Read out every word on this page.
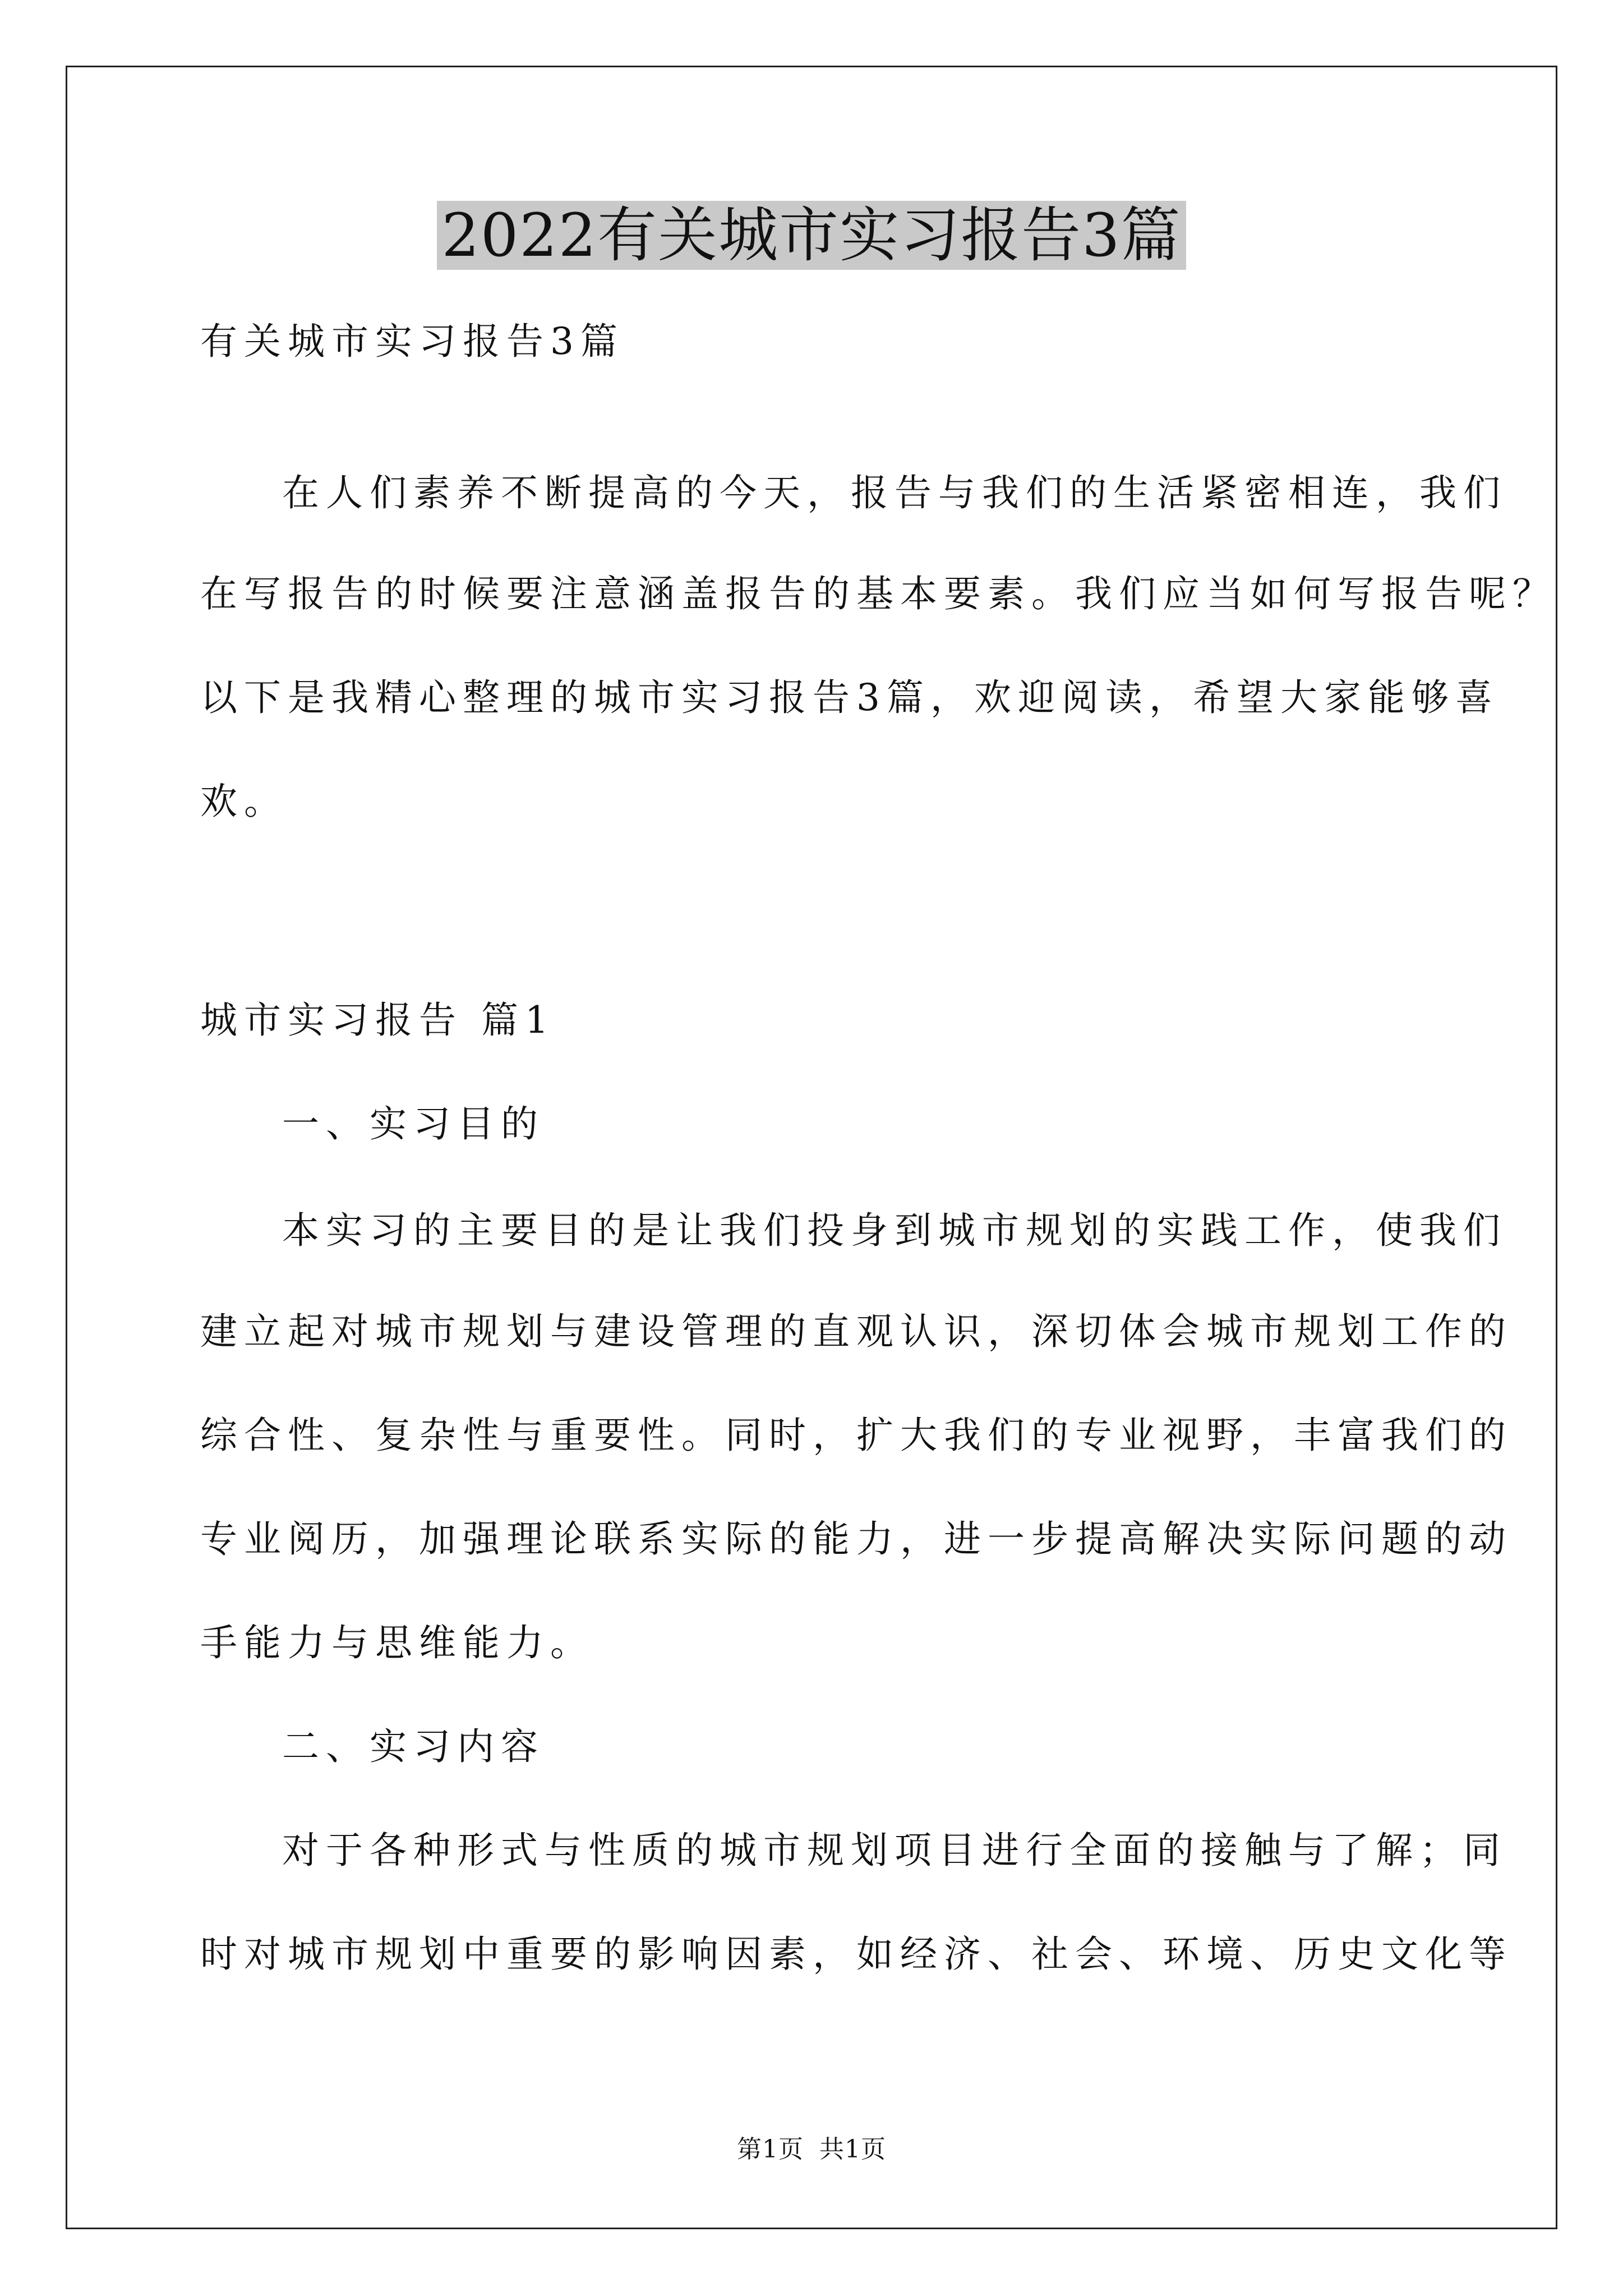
2022有关城市实习报告3篇
有关城市实习报告3篇
在人们素养不断提高的今天，报告与我们的生活紧密相连，我们
在写报告的时候要注意涵盖报告的基本要素。我们应当如何写报告呢？
以下是我精心整理的城市实习报告3篇，欢迎阅读，希望大家能够喜
欢。
城市实习报告 篇1
一、实习目的
本实习的主要目的是让我们投身到城市规划的实践工作，使我们
建立起对城市规划与建设管理的直观认识，深切体会城市规划工作的
综合性、复杂性与重要性。同时，扩大我们的专业视野，丰富我们的
专业阅历，加强理论联系实际的能力，进一步提高解决实际问题的动
手能力与思维能力。
二、实习内容
对于各种形式与性质的城市规划项目进行全面的接触与了解；同
时对城市规划中重要的影响因素，如经济、社会、环境、历史文化等
第1页 共1页
